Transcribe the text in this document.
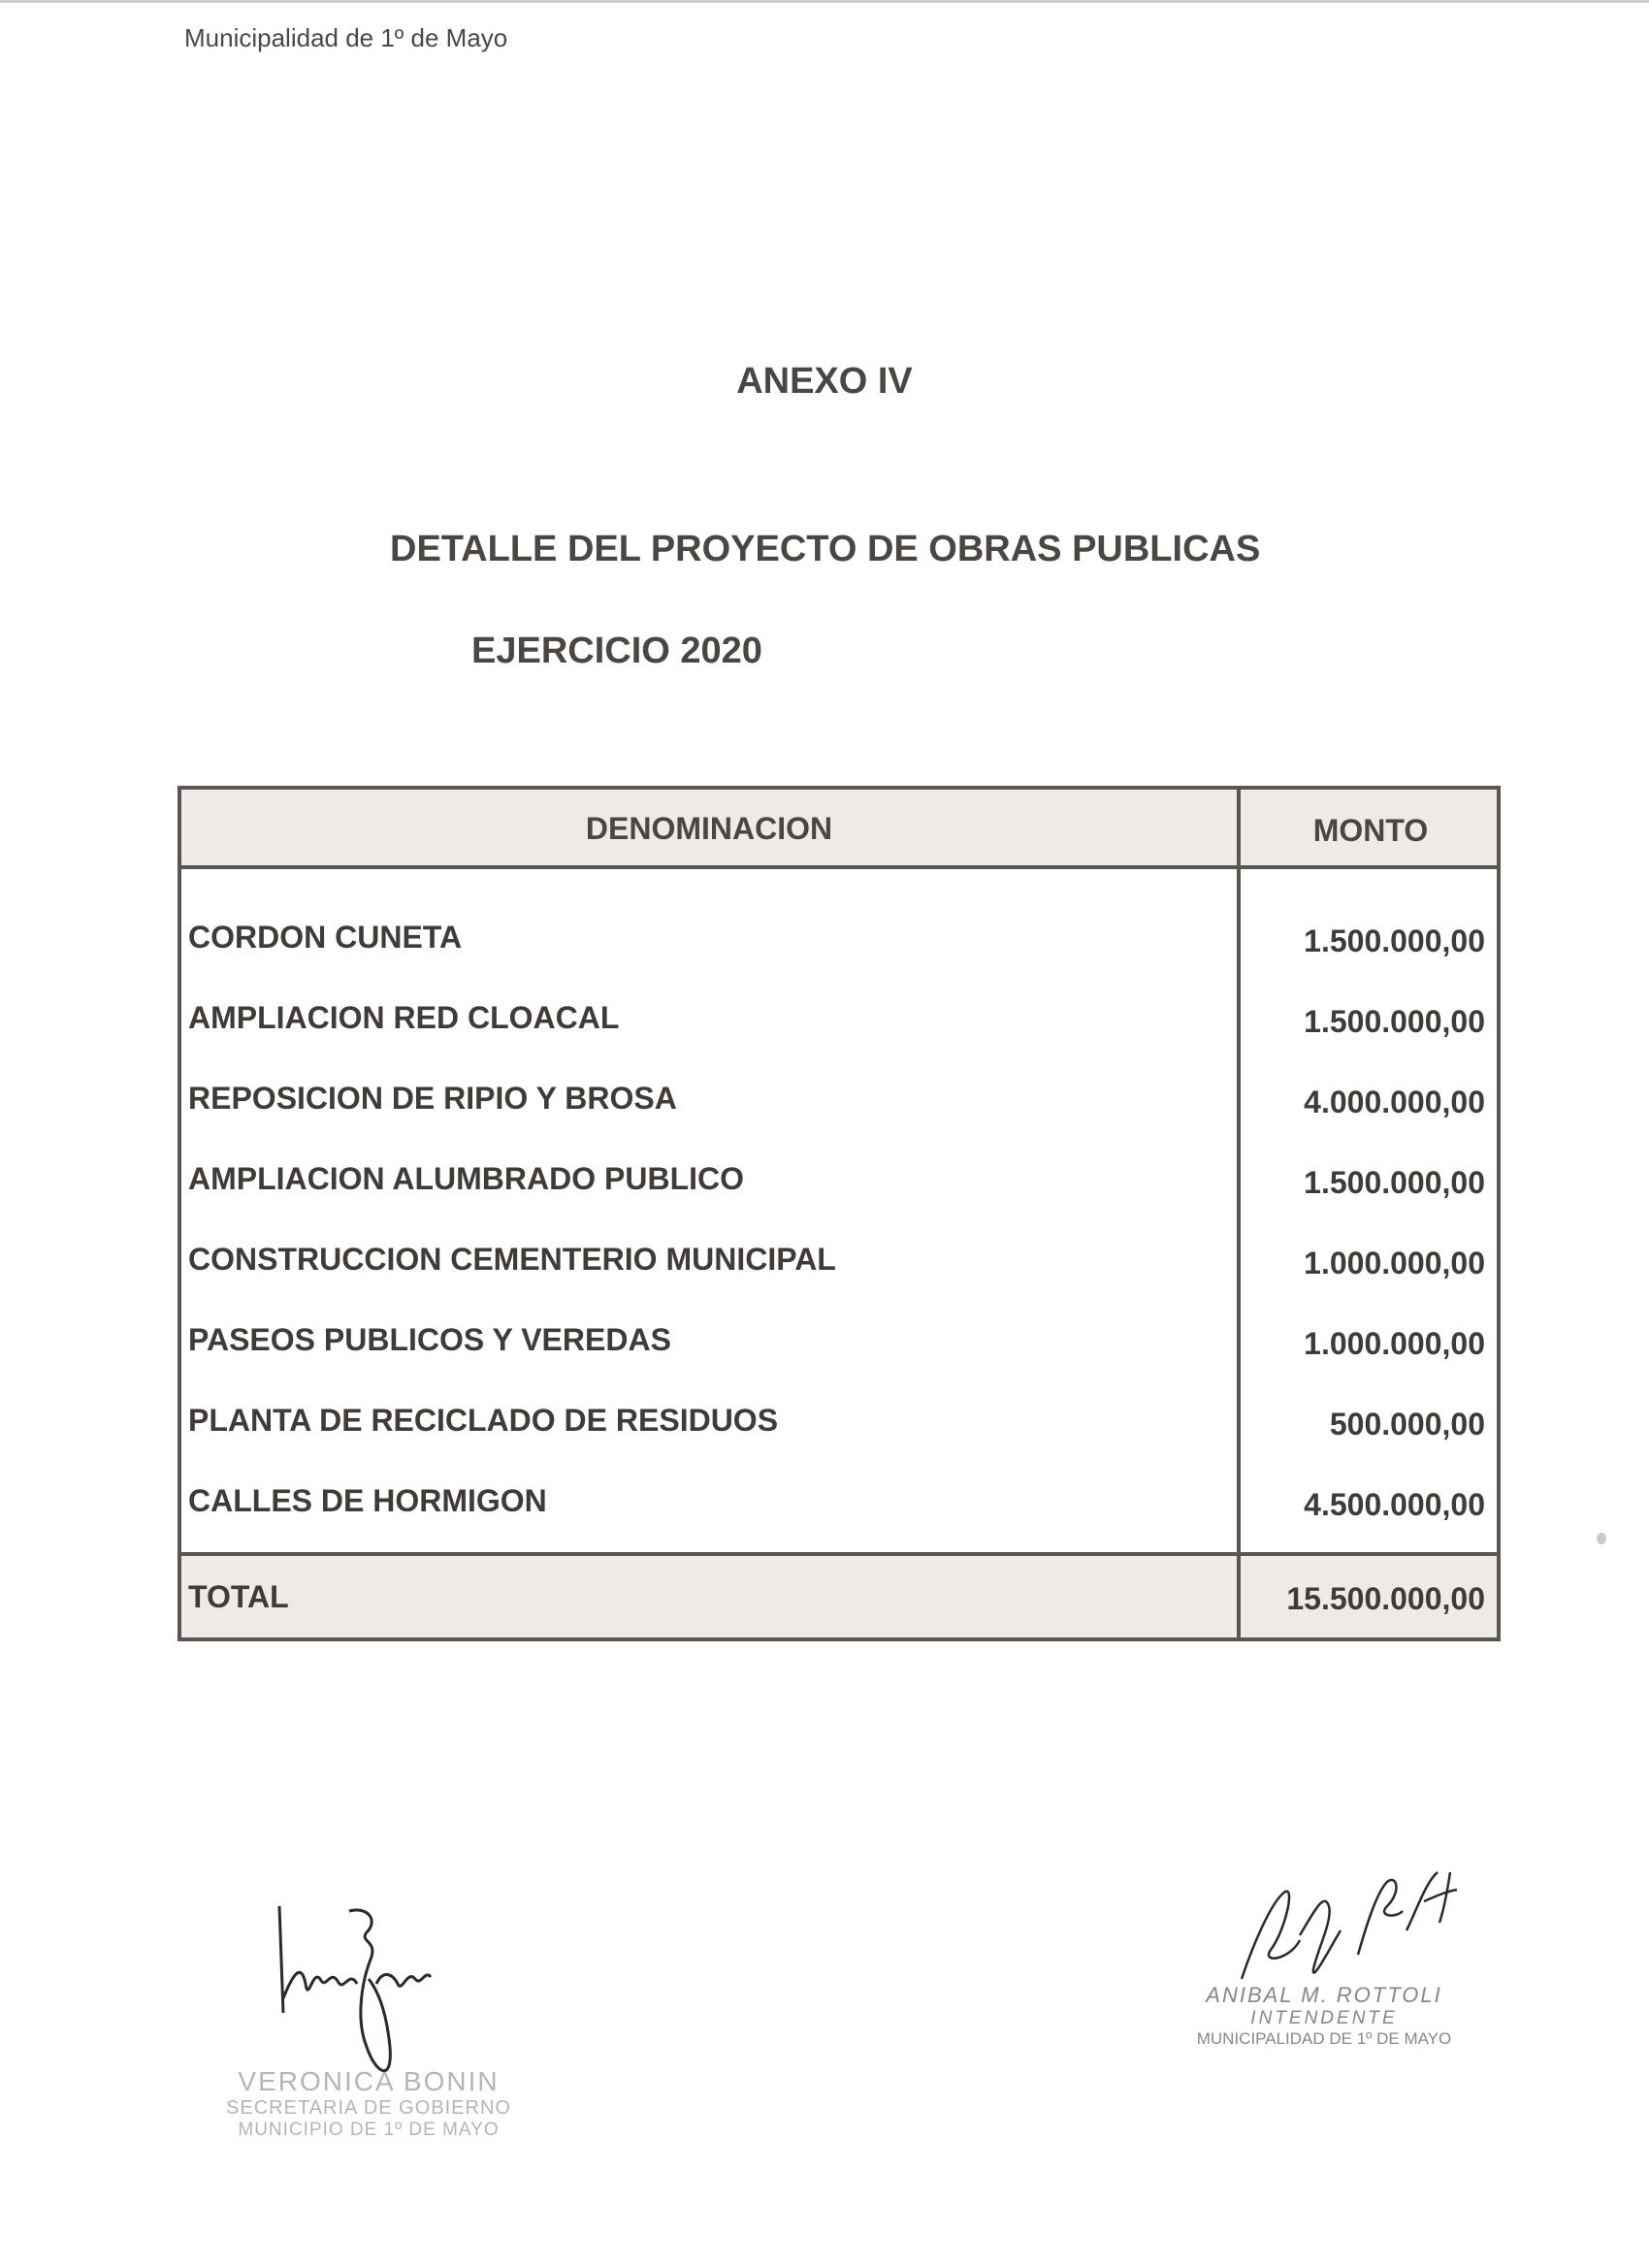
Municipalidad de 1º de Mayo
ANEXO IV
DETALLE DEL PROYECTO DE OBRAS PUBLICAS
EJERCICIO 2020
DENOMINACION	MONTO
CORDON CUNETA	1.500.000,00
AMPLIACION RED CLOACAL	1.500.000,00
REPOSICION DE RIPIO Y BROSA	4.000.000,00
AMPLIACION ALUMBRADO PUBLICO	1.500.000,00
CONSTRUCCION CEMENTERIO MUNICIPAL	1.000.000,00
PASEOS PUBLICOS Y VEREDAS	1.000.000,00
PLANTA DE RECICLADO DE RESIDUOS	500.000,00
CALLES DE HORMIGON	4.500.000,00
TOTAL	15.500.000,00
VERONICA BONIN
SECRETARIA DE GOBIERNO
MUNICIPIO DE 1º DE MAYO
ANIBAL M. ROTTOLI
INTENDENTE
MUNICIPALIDAD DE 1º DE MAYO
